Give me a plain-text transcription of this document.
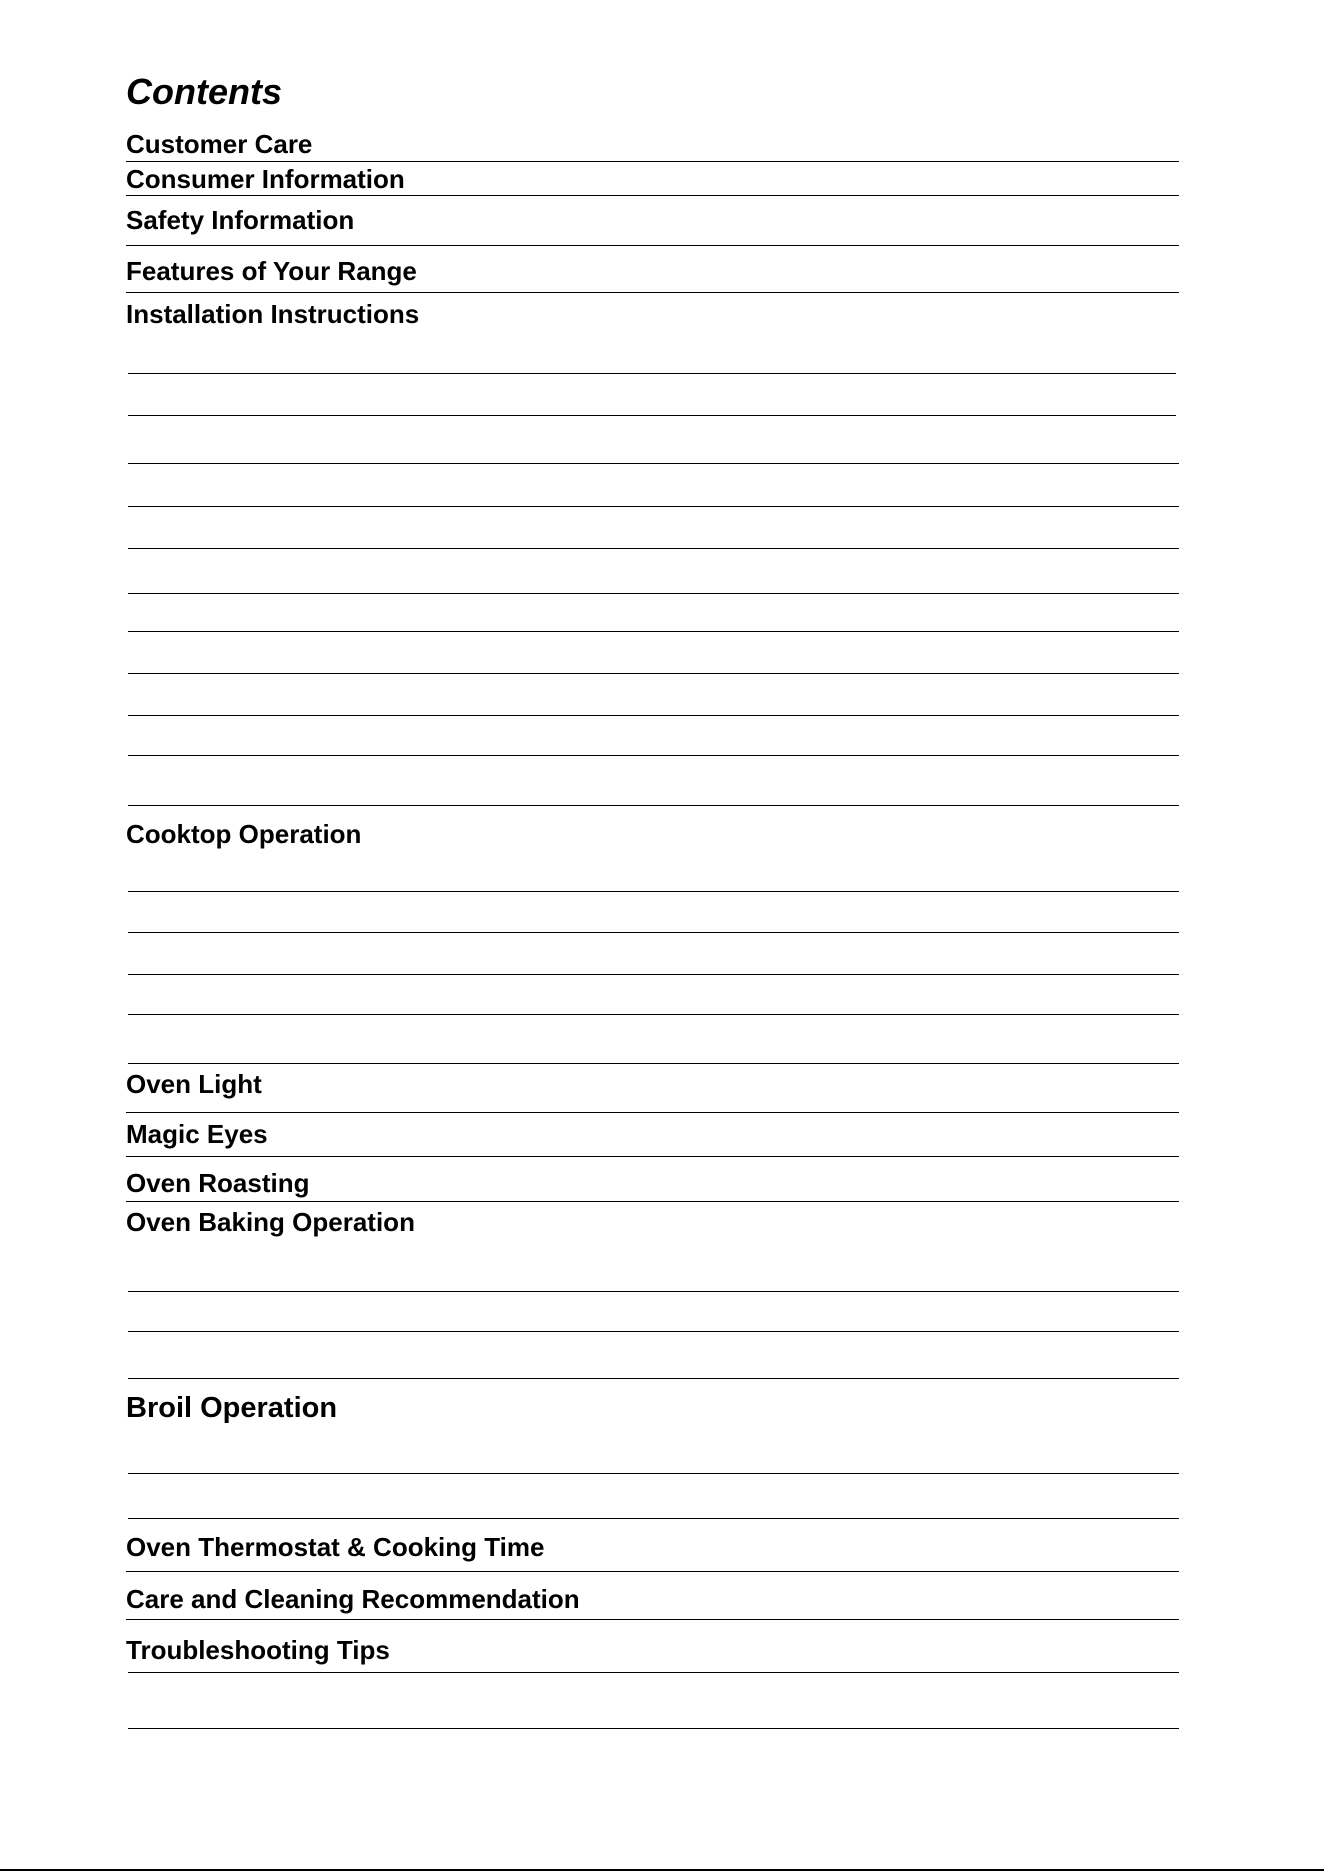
Contents
Customer Care
Consumer Information
Safety Information
Features of Your Range
Installation Instructions
Cooktop Operation
Oven Light
Magic Eyes
Oven Roasting
Oven Baking Operation
Broil Operation
Oven Thermostat & Cooking Time
Care and Cleaning Recommendation
Troubleshooting Tips
